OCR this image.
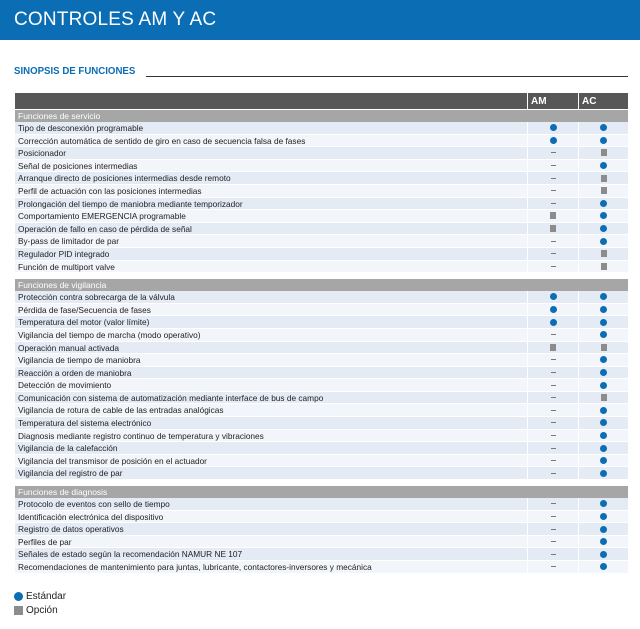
CONTROLES AM Y AC
SINOPSIS DE FUNCIONES
AM	AC
Funciones de servicio
Tipo de desconexión programable
Corrección automática de sentido de giro en caso de secuencia falsa de fases
Posicionador
Señal de posiciones intermedias
Arranque directo de posiciones intermedias desde remoto
Perfil de actuación con las posiciones intermedias
Prolongación del tiempo de maniobra mediante temporizador
Comportamiento EMERGENCIA programable
Operación de fallo en caso de pérdida de señal
By-pass de limitador de par
Regulador PID integrado
Función de multiport valve
Funciones de vigilancia
Protección contra sobrecarga de la válvula
Pérdida de fase/Secuencia de fases
Temperatura del motor (valor límite)
Vigilancia del tiempo de marcha (modo operativo)
Operación manual activada
Vigilancia de tiempo de maniobra
Reacción a orden de maniobra
Detección de movimiento
Comunicación con sistema de automatización mediante interface de bus de campo
Vigilancia de rotura de cable de las entradas analógicas
Temperatura del sistema electrónico
Diagnosis mediante registro continuo de temperatura y vibraciones
Vigilancia de la calefacción
Vigilancia del transmisor de posición en el actuador
Vigilancia del registro de par
Funciones de diagnosis
Protocolo de eventos con sello de tiempo
Identificación electrónica del dispositivo
Registro de datos operativos
Perfiles de par
Señales de estado según la recomendación NAMUR NE 107
Recomendaciones de mantenimiento para juntas, lubricante, contactores-inversores y mecánica
Estándar
Opción
